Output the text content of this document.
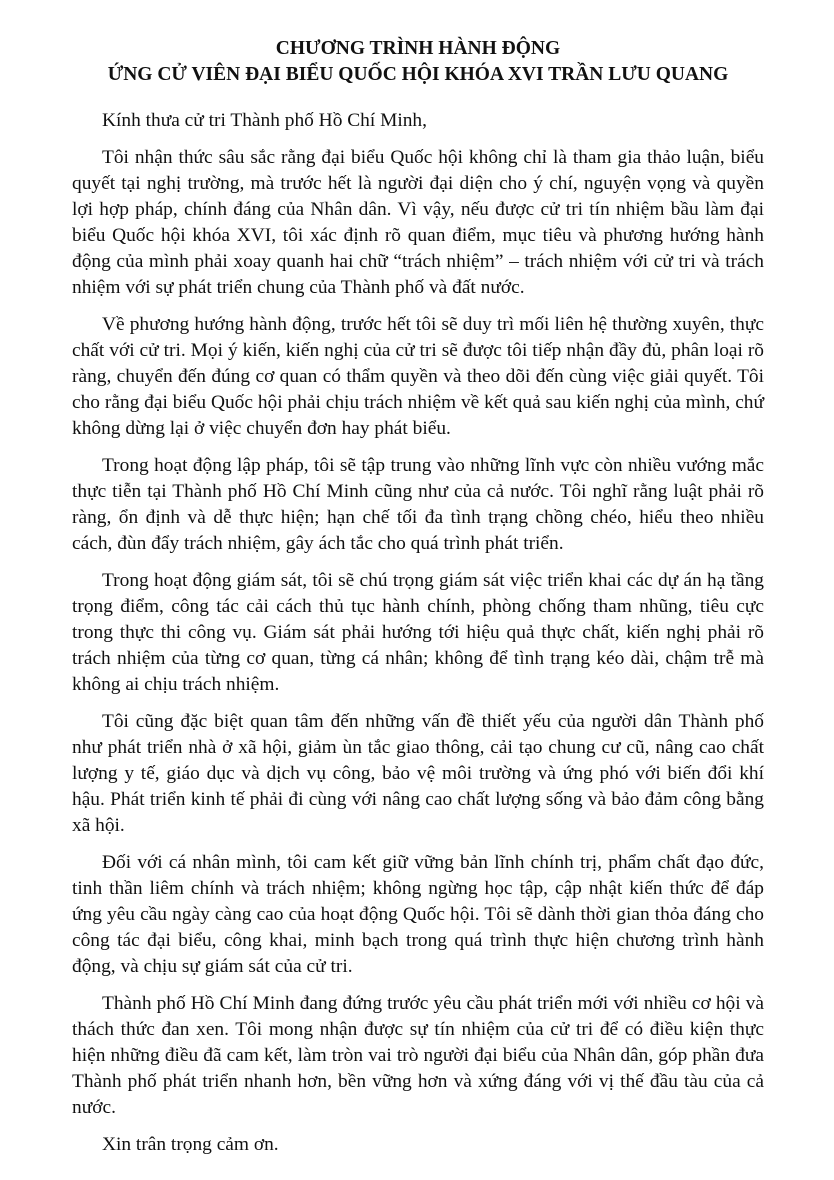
CHƯƠNG TRÌNH HÀNH ĐỘNG
ỨNG CỬ VIÊN ĐẠI BIỂU QUỐC HỘI KHÓA XVI TRẦN LƯU QUANG

Kính thưa cử tri Thành phố Hồ Chí Minh,

Tôi nhận thức sâu sắc rằng đại biểu Quốc hội không chỉ là tham gia thảo luận, biểu quyết tại nghị trường, mà trước hết là người đại diện cho ý chí, nguyện vọng và quyền lợi hợp pháp, chính đáng của Nhân dân. Vì vậy, nếu được cử tri tín nhiệm bầu làm đại biểu Quốc hội khóa XVI, tôi xác định rõ quan điểm, mục tiêu và phương hướng hành động của mình phải xoay quanh hai chữ “trách nhiệm” – trách nhiệm với cử tri và trách nhiệm với sự phát triển chung của Thành phố và đất nước.

Về phương hướng hành động, trước hết tôi sẽ duy trì mối liên hệ thường xuyên, thực chất với cử tri. Mọi ý kiến, kiến nghị của cử tri sẽ được tôi tiếp nhận đầy đủ, phân loại rõ ràng, chuyển đến đúng cơ quan có thẩm quyền và theo dõi đến cùng việc giải quyết. Tôi cho rằng đại biểu Quốc hội phải chịu trách nhiệm về kết quả sau kiến nghị của mình, chứ không dừng lại ở việc chuyển đơn hay phát biểu.

Trong hoạt động lập pháp, tôi sẽ tập trung vào những lĩnh vực còn nhiều vướng mắc thực tiễn tại Thành phố Hồ Chí Minh cũng như của cả nước. Tôi nghĩ rằng luật phải rõ ràng, ổn định và dễ thực hiện; hạn chế tối đa tình trạng chồng chéo, hiểu theo nhiều cách, đùn đẩy trách nhiệm, gây ách tắc cho quá trình phát triển.

Trong hoạt động giám sát, tôi sẽ chú trọng giám sát việc triển khai các dự án hạ tầng trọng điểm, công tác cải cách thủ tục hành chính, phòng chống tham nhũng, tiêu cực trong thực thi công vụ. Giám sát phải hướng tới hiệu quả thực chất, kiến nghị phải rõ trách nhiệm của từng cơ quan, từng cá nhân; không để tình trạng kéo dài, chậm trễ mà không ai chịu trách nhiệm.

Tôi cũng đặc biệt quan tâm đến những vấn đề thiết yếu của người dân Thành phố như phát triển nhà ở xã hội, giảm ùn tắc giao thông, cải tạo chung cư cũ, nâng cao chất lượng y tế, giáo dục và dịch vụ công, bảo vệ môi trường và ứng phó với biến đổi khí hậu. Phát triển kinh tế phải đi cùng với nâng cao chất lượng sống và bảo đảm công bằng xã hội.

Đối với cá nhân mình, tôi cam kết giữ vững bản lĩnh chính trị, phẩm chất đạo đức, tinh thần liêm chính và trách nhiệm; không ngừng học tập, cập nhật kiến thức để đáp ứng yêu cầu ngày càng cao của hoạt động Quốc hội. Tôi sẽ dành thời gian thỏa đáng cho công tác đại biểu, công khai, minh bạch trong quá trình thực hiện chương trình hành động, và chịu sự giám sát của cử tri.

Thành phố Hồ Chí Minh đang đứng trước yêu cầu phát triển mới với nhiều cơ hội và thách thức đan xen. Tôi mong nhận được sự tín nhiệm của cử tri để có điều kiện thực hiện những điều đã cam kết, làm tròn vai trò người đại biểu của Nhân dân, góp phần đưa Thành phố phát triển nhanh hơn, bền vững hơn và xứng đáng với vị thế đầu tàu của cả nước.

Xin trân trọng cảm ơn.
